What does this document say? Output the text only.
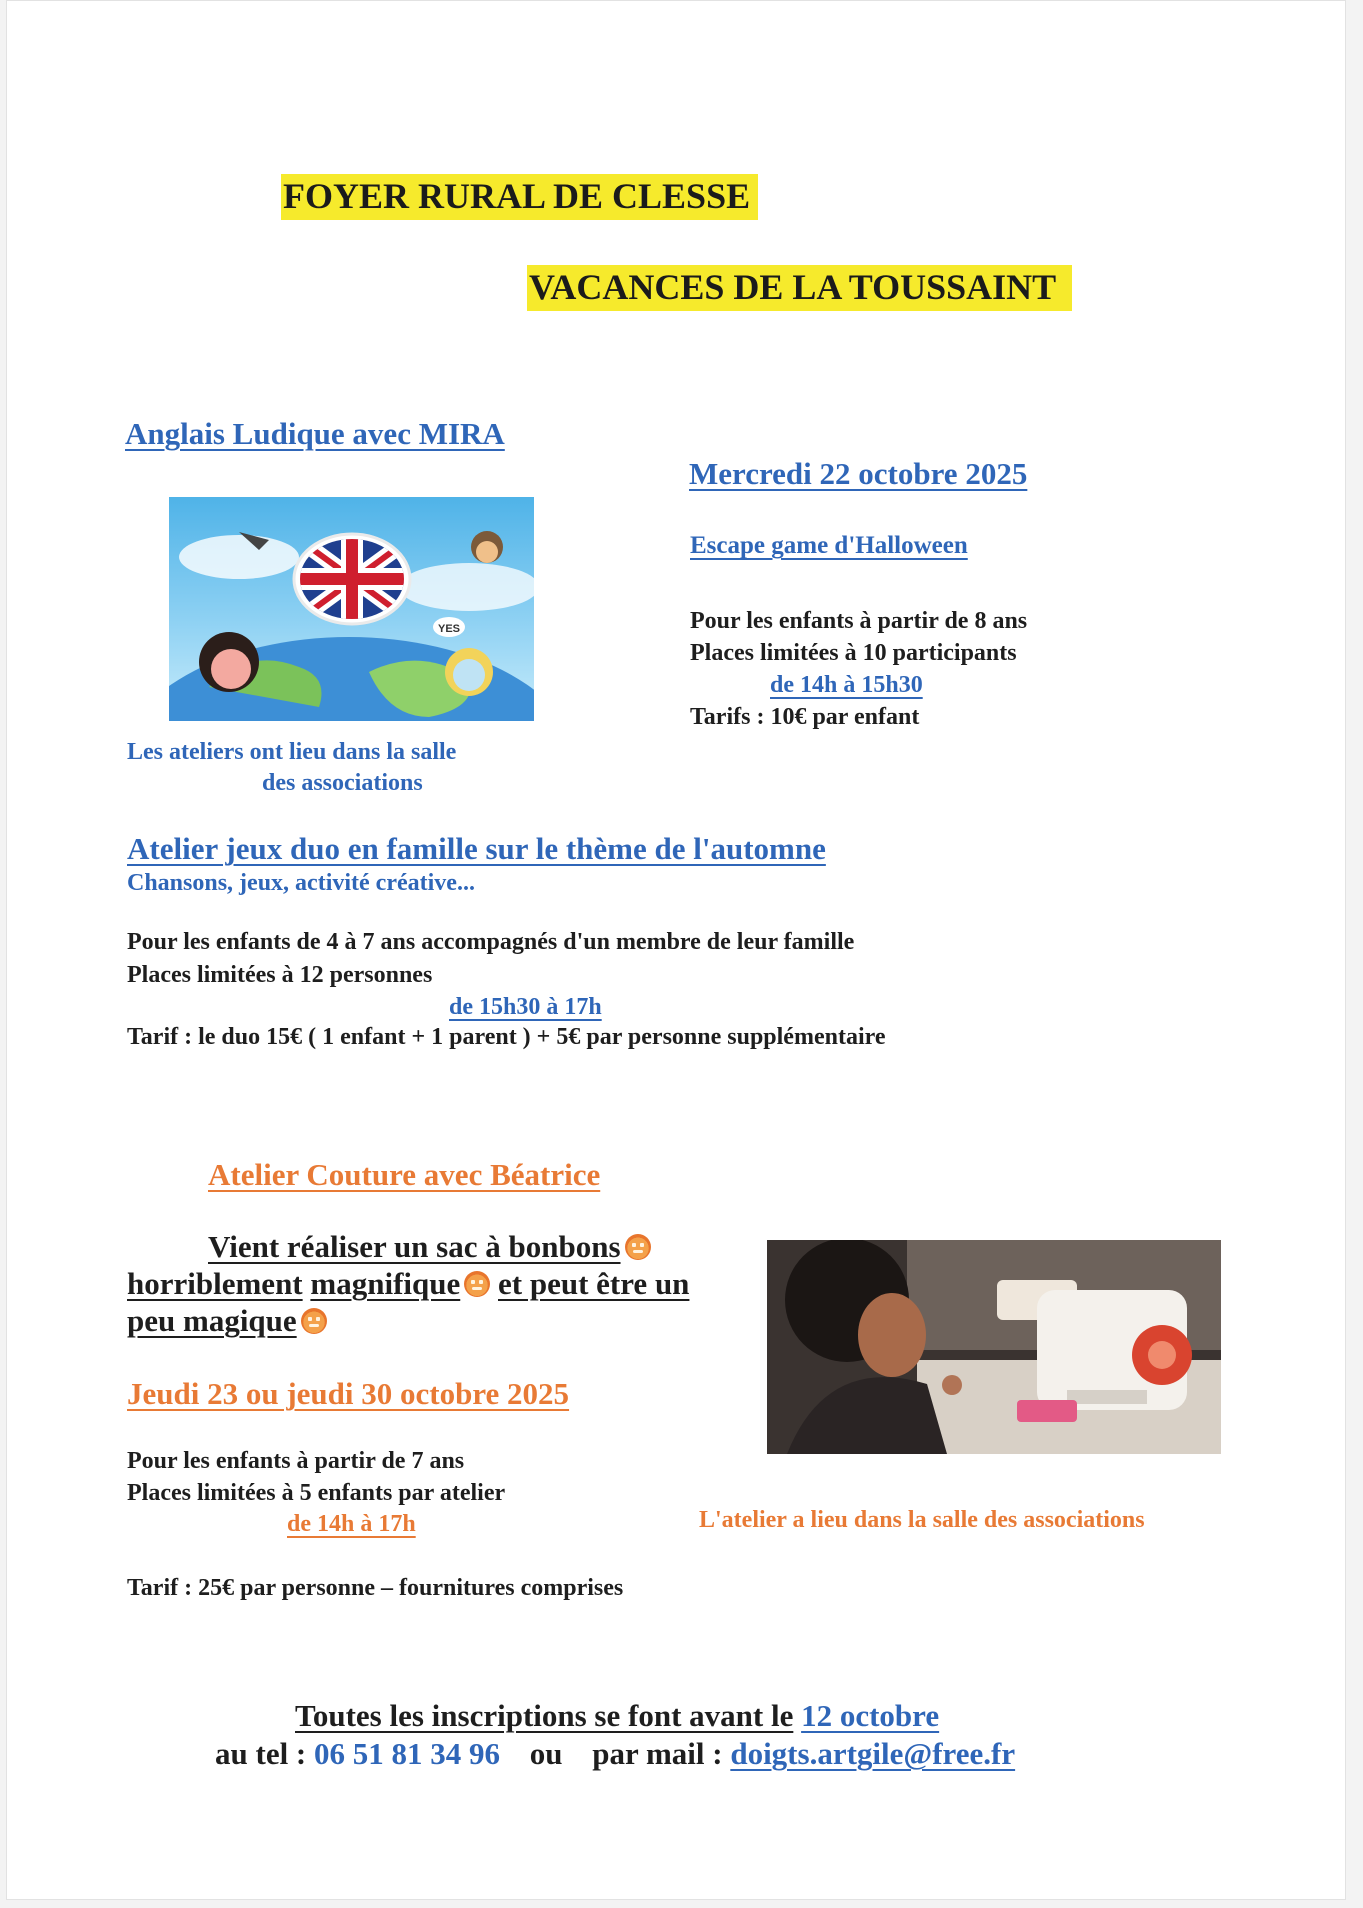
FOYER RURAL DE CLESSE
VACANCES DE LA TOUSSAINT
Anglais Ludique avec MIRA
YES
Les ateliers ont lieu dans la salle
des associations
Mercredi 22 octobre 2025
Escape game d'Halloween
Pour les enfants à partir de 8 ans
Places limitées à 10 participants
de 14h à 15h30
Tarifs : 10€ par enfant
Atelier jeux duo en famille sur le thème de l'automne
Chansons, jeux, activité créative...
Pour les enfants de 4 à 7 ans accompagnés d'un membre de leur famille
Places limitées à 12 personnes
de 15h30 à 17h
Tarif : le duo 15€ ( 1 enfant + 1 parent ) + 5€ par personne supplémentaire
Atelier Couture avec Béatrice
Vient réaliser un sac à bonbons
horriblement magnifique et peut être un
peu magique
Jeudi 23 ou jeudi 30 octobre 2025
Pour les enfants à partir de 7 ans
Places limitées à 5 enfants par atelier
de 14h à 17h
Tarif : 25€ par personne – fournitures comprises
L'atelier a lieu dans la salle des associations
Toutes les inscriptions se font avant le 12 octobre
au tel : 06 51 81 34 96 ou par mail : doigts.artgile@free.fr
